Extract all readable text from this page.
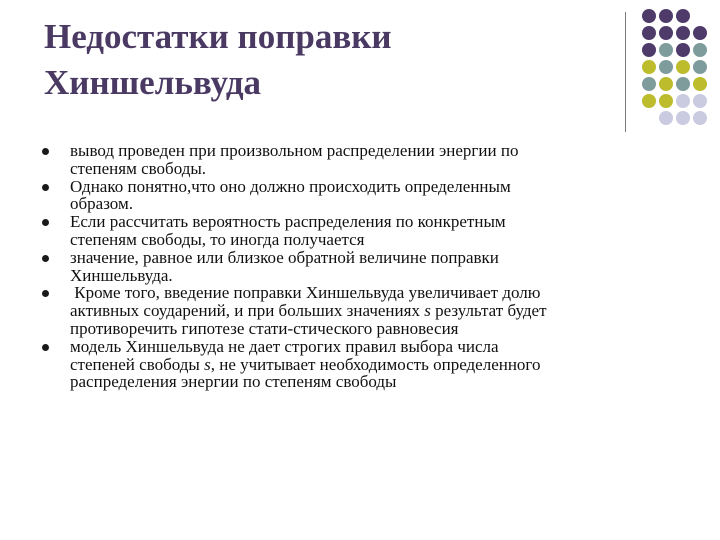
Недостатки поправки
Хиншельвуда
вывод проведен при произвольном распределении энергии по
степеням свободы.
Однако понятно,что оно должно происходить определенным
образом.
Если рассчитать вероятность распределения по конкретным
степеням свободы, то иногда получается
значение, равное или близкое обратной величине поправки
Хиншельвуда.
Кроме того, введение поправки Хиншельвуда увеличивает долю
активных соударений, и при больших значениях s результат будет
противоречить гипотезе стати-стического равновесия
модель Хиншельвуда не дает строгих правил выбора числа
степеней свободы s, не учитывает необходимость определенного
распределения энергии по степеням свободы
